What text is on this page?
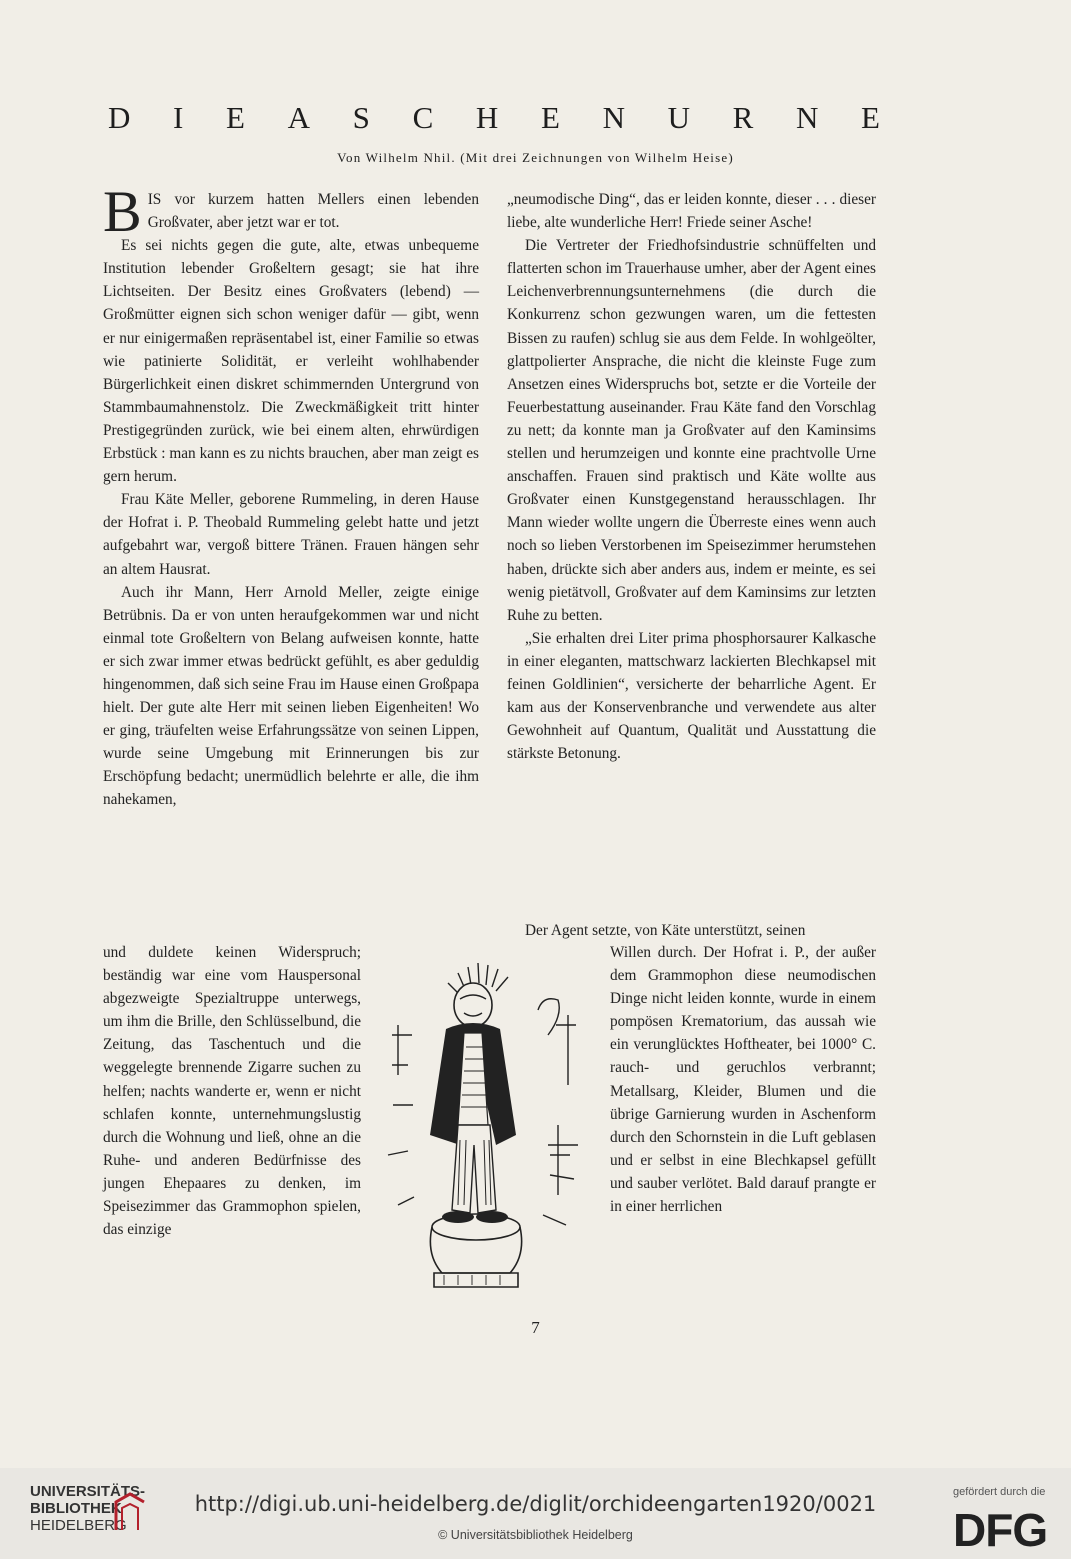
D I E A S C H E N U R N E
Von Wilhelm Nhil. (Mit drei Zeichnungen von Wilhelm Heise)

BIS vor kurzem hatten Mellers einen lebenden Großvater, aber jetzt war er tot.

Es sei nichts gegen die gute, alte, etwas unbequeme Institution lebender Großeltern gesagt; sie hat ihre Lichtseiten. Der Besitz eines Großvaters (lebend) — Großmütter eignen sich schon weniger dafür — gibt, wenn er nur einigermaßen repräsentabel ist, einer Familie so etwas wie patinierte Solidität, er verleiht wohlhabender Bürgerlichkeit einen diskret schimmernden Untergrund von Stammbaumahnenstolz. Die Zweckmäßigkeit tritt hinter Prestigegründen zurück, wie bei einem alten, ehrwürdigen Erbstück : man kann es zu nichts brauchen, aber man zeigt es gern herum.

Frau Käte Meller, geborene Rummeling, in deren Hause der Hofrat i. P. Theobald Rummeling gelebt hatte und jetzt aufgebahrt war, vergoß bittere Tränen. Frauen hängen sehr an altem Hausrat.

Auch ihr Mann, Herr Arnold Meller, zeigte einige Betrübnis. Da er von unten heraufgekommen war und nicht einmal tote Großeltern von Belang aufweisen konnte, hatte er sich zwar immer etwas bedrückt gefühlt, es aber geduldig hingenommen, daß sich seine Frau im Hause einen Großpapa hielt. Der gute alte Herr mit seinen lieben Eigenheiten! Wo er ging, träufelten weise Erfahrungssätze von seinen Lippen, wurde seine Umgebung mit Erinnerungen bis zur Erschöpfung bedacht; unermüdlich belehrte er alle, die ihm nahekamen,

und duldete keinen Widerspruch; beständig war eine vom Hauspersonal abgezweigte Spezialtruppe unterwegs, um ihm die Brille, den Schlüsselbund, die Zeitung, das Taschentuch und die weggelegte brennende Zigarre suchen zu helfen; nachts wanderte er, wenn er nicht schlafen konnte, unternehmungslustig durch die Wohnung und ließ, ohne an die Ruhe- und anderen Bedürfnisse des jungen Ehepaares zu denken, im Speisezimmer das Grammophon spielen, das einzige

„neumodische Ding“, das er leiden konnte, dieser . . . dieser liebe, alte wunderliche Herr! Friede seiner Asche!

Die Vertreter der Friedhofsindustrie schnüffelten und flatterten schon im Trauerhause umher, aber der Agent eines Leichenverbrennungsunternehmens (die durch die Konkurrenz schon gezwungen waren, um die fettesten Bissen zu raufen) schlug sie aus dem Felde. In wohlgeölter, glattpolierter Ansprache, die nicht die kleinste Fuge zum Ansetzen eines Widerspruchs bot, setzte er die Vorteile der Feuerbestattung auseinander. Frau Käte fand den Vorschlag zu nett; da konnte man ja Großvater auf den Kaminsims stellen und herumzeigen und konnte eine prachtvolle Urne anschaffen. Frauen sind praktisch und Käte wollte aus Großvater einen Kunstgegenstand herausschlagen. Ihr Mann wieder wollte ungern die Überreste eines wenn auch noch so lieben Verstorbenen im Speisezimmer herumstehen haben, drückte sich aber anders aus, indem er meinte, es sei wenig pietätvoll, Großvater auf dem Kaminsims zur letzten Ruhe zu betten.

„Sie erhalten drei Liter prima phosphorsaurer Kalkasche in einer eleganten, mattschwarz lackierten Blechkapsel mit feinen Goldlinien“, versicherte der beharrliche Agent. Er kam aus der Konservenbranche und verwendete aus alter Gewohnheit auf Quantum, Qualität und Ausstattung die stärkste Betonung.

Der Agent setzte, von Käte unterstützt, seinen

Willen durch. Der Hofrat i. P., der außer dem Grammophon diese neumodischen Dinge nicht leiden konnte, wurde in einem pompösen Krematorium, das aussah wie ein verunglücktes Hoftheater, bei 1000° C. rauch- und geruchlos verbrannt; Metallsarg, Kleider, Blumen und die übrige Garnierung wurden in Aschenform durch den Schornstein in die Luft geblasen und er selbst in eine Blechkapsel gefüllt und sauber verlötet. Bald darauf prangte er in einer herrlichen

7
UNIVERSITÄTS-
BIBLIOTHEK
HEIDELBERG
http://digi.ub.uni-heidelberg.de/diglit/orchideengarten1920/0021
© Universitätsbibliothek Heidelberg
gefördert durch die
DFG
